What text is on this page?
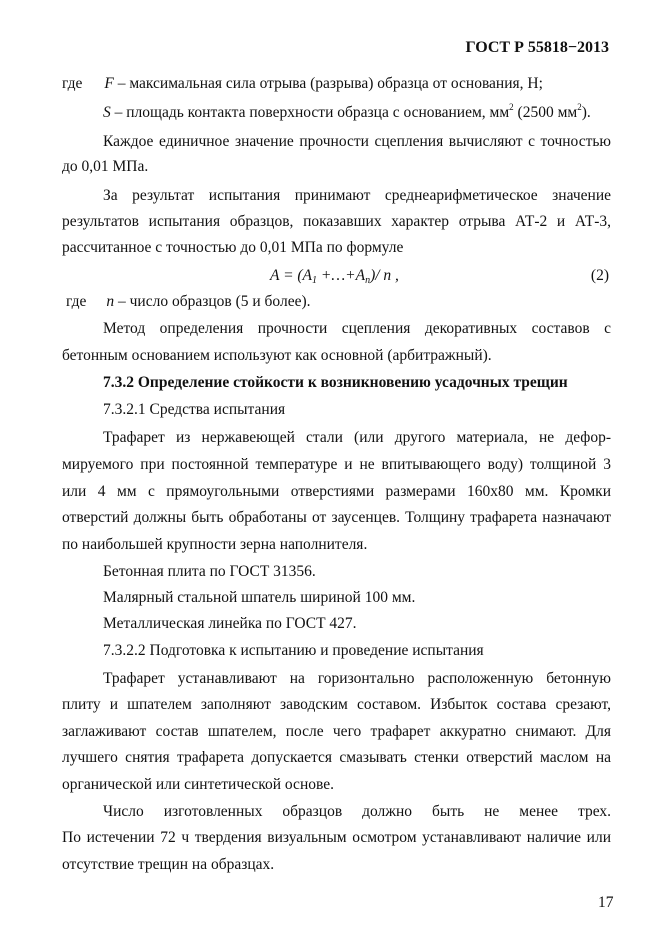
ГОСТ Р 55818−2013
где F – максимальная сила отрыва (разрыва) образца от основания, Н;
S – площадь контакта поверхности образца с основанием, $мм^2$ (2500 $мм^2$).
Каждое единичное значение прочности сцепления вычисляют с точностью
до 0,01 МПа.
За результат испытания принимают среднеарифметическое значение
результатов испытания образцов, показавших характер отрыва АТ-2 и АТ-3,
рассчитанное с точностью до 0,01 МПа по формуле
$A = (A_1$ $+\dots+A_n)/$ n ,	(2)
где n – число образцов (5 и более).
Метод определения прочности сцепления декоративных составов с
бетонным основанием используют как основной (арбитражный).
7.3.2 Определение стойкости к возникновению усадочных трещин
7.3.2.1 Средства испытания
Трафарет из нержавеющей стали (или другого материала, не дефор-
мируемого при постоянной температуре и не впитывающего воду) толщиной 3
или 4 мм с прямоугольными отверстиями размерами 160х80 мм. Кромки
отверстий должны быть обработаны от заусенцев. Толщину трафарета назначают
по наибольшей крупности зерна наполнителя.
Бетонная плита по ГОСТ 31356.
Малярный стальной шпатель шириной 100 мм.
Металлическая линейка по ГОСТ 427.
7.3.2.2 Подготовка к испытанию и проведение испытания
Трафарет устанавливают на горизонтально расположенную бетонную
плиту и шпателем заполняют заводским составом. Избыток состава срезают,
заглаживают состав шпателем, после чего трафарет аккуратно снимают. Для
лучшего снятия трафарета допускается смазывать стенки отверстий маслом на
органической или синтетической основе.
Число изготовленных образцов должно быть не менее трех.
По истечении 72 ч твердения визуальным осмотром устанавливают наличие или
отсутствие трещин на образцах.
17
